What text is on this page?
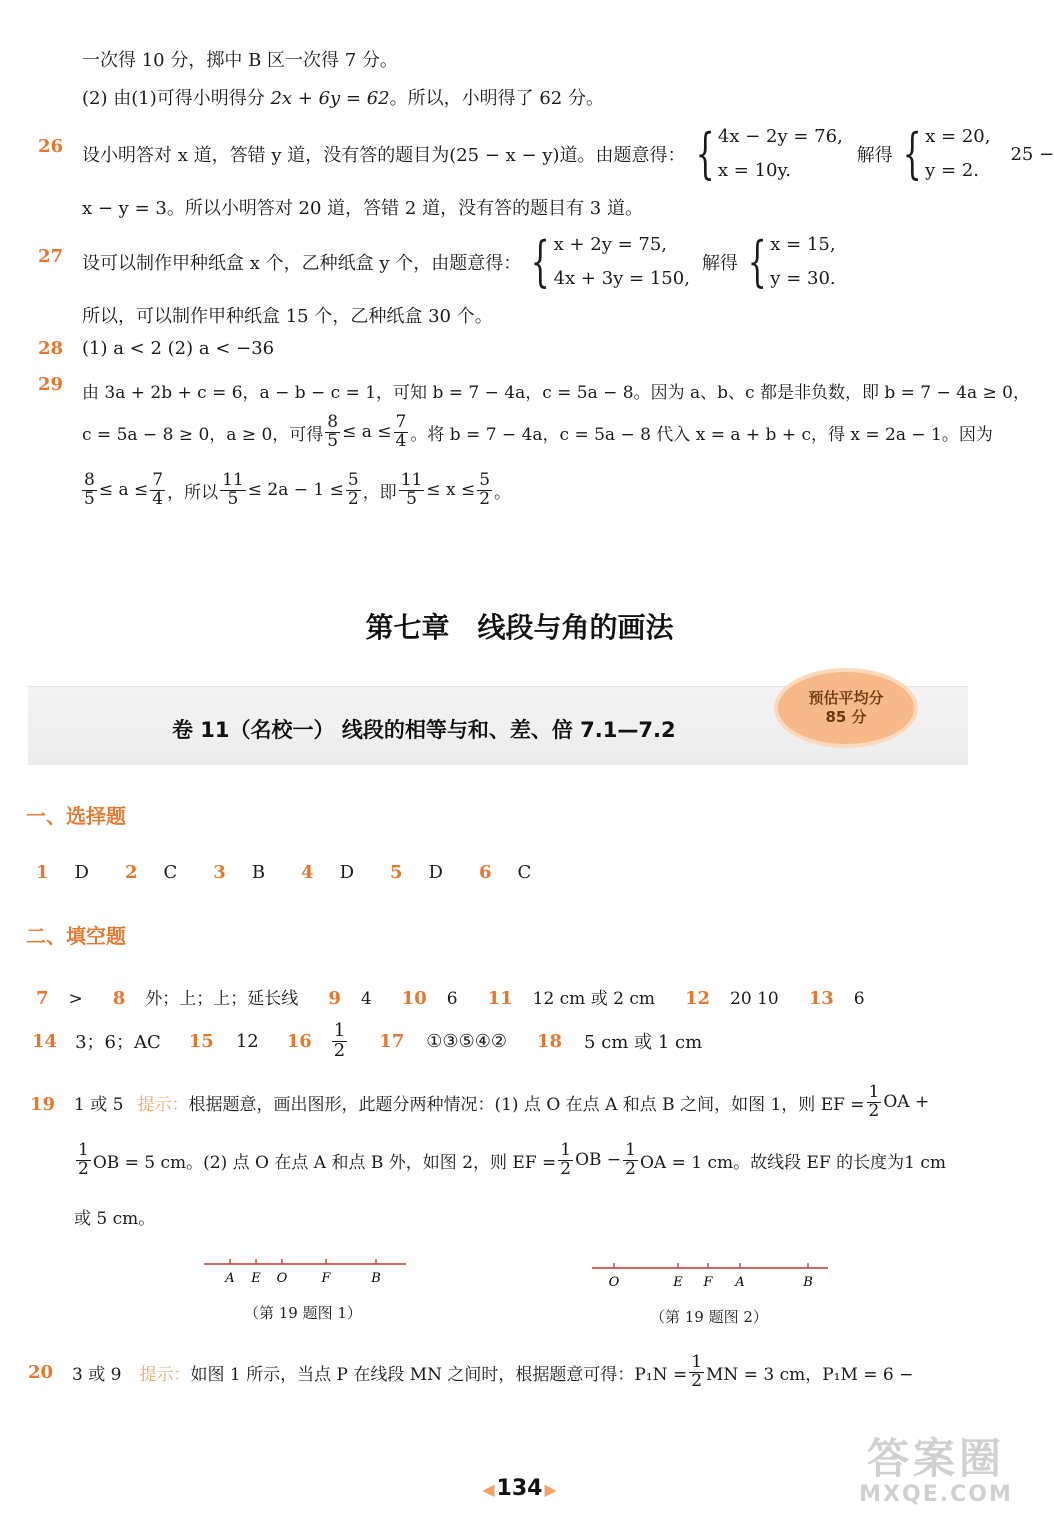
一次得 10 分，掷中 B 区一次得 7 分。
(2) 由(1)可得小明得分 2x + 6y = 62。所以，小明得了 62 分。
26 设小明答对 x 道，答错 y 道，没有答的题目为(25 − x − y)道。由题意得： { 4x − 2y = 76,
x = 10y.
解得 { x = 20,
y = 2.
25 −
x − y = 3。所以小明答对 20 道，答错 2 道，没有答的题目有 3 道。
27 设可以制作甲种纸盒 x 个，乙种纸盒 y 个，由题意得： { x + 2y = 75,
4x + 3y = 150,
解得 { x = 15,
y = 30.
所以，可以制作甲种纸盒 15 个，乙种纸盒 30 个。
28 (1) a < 2 (2) a < −36
29 由 3a + 2b + c = 6，a − b − c = 1，可知 b = 7 − 4a，c = 5a − 8。因为 a、b、c 都是非负数，即 b = 7 − 4a ≥ 0，
c = 5a − 8 ≥ 0，a ≥ 0，可得 $\frac{8}{5} \le a \le \frac{7}{4}$ 。将 b = 7 − 4a，c = 5a − 8 代入 x = a + b + c，得 x = 2a − 1。因为
$\frac{8}{5} \le a \le \frac{7}{4}$ ，所以 $\frac{11}{5} \le 2a - 1 \le \frac{5}{2}$ ，即 $\frac{11}{5} \le x \le \frac{5}{2}$ 。
第七章 线段与角的画法
卷 11（名校一） 线段的相等与和、差、倍 7.1—7.2
预估平均分
85 分
一、选择题
1 D 2 C 3 B 4 D 5 D 6 C
二、填空题
7 > 8 外；上；上；延长线 9 4 10 6 11 12 cm 或 2 cm 12 20 10 13 6
14 3；6；AC 15 12 $16 \frac{1}{2} 17$ ①③⑤④② 18 5 cm 或 1 cm
19 1 或 5 提示： 根据题意，画出图形，此题分两种情况：(1) 点 O 在点 A 和点 B 之间，如图 1，则 EF = $\frac{1}{2}$ OA +
$\frac{1}{2}$ OB = 5 cm。(2) 点 O 在点 A 和点 B 外，如图 2，则 EF = $\frac{1}{2}$ OB − $\frac{1}{2}$ OA = 1 cm。故线段 EF 的长度为1 cm
或 5 cm。
A E O	F	B
（第 19 题图 1）
O	E F A	B
（第 19 题图 2）
20 3 或 9 提示： 如图 1 所示，当点 P 在线段 MN 之间时，根据题意可得：$P_1N = \frac{1}{2}$ MN = 3 cm，P₁M = 6 −
◀134 ▶
答案圈
MXQE.COM
